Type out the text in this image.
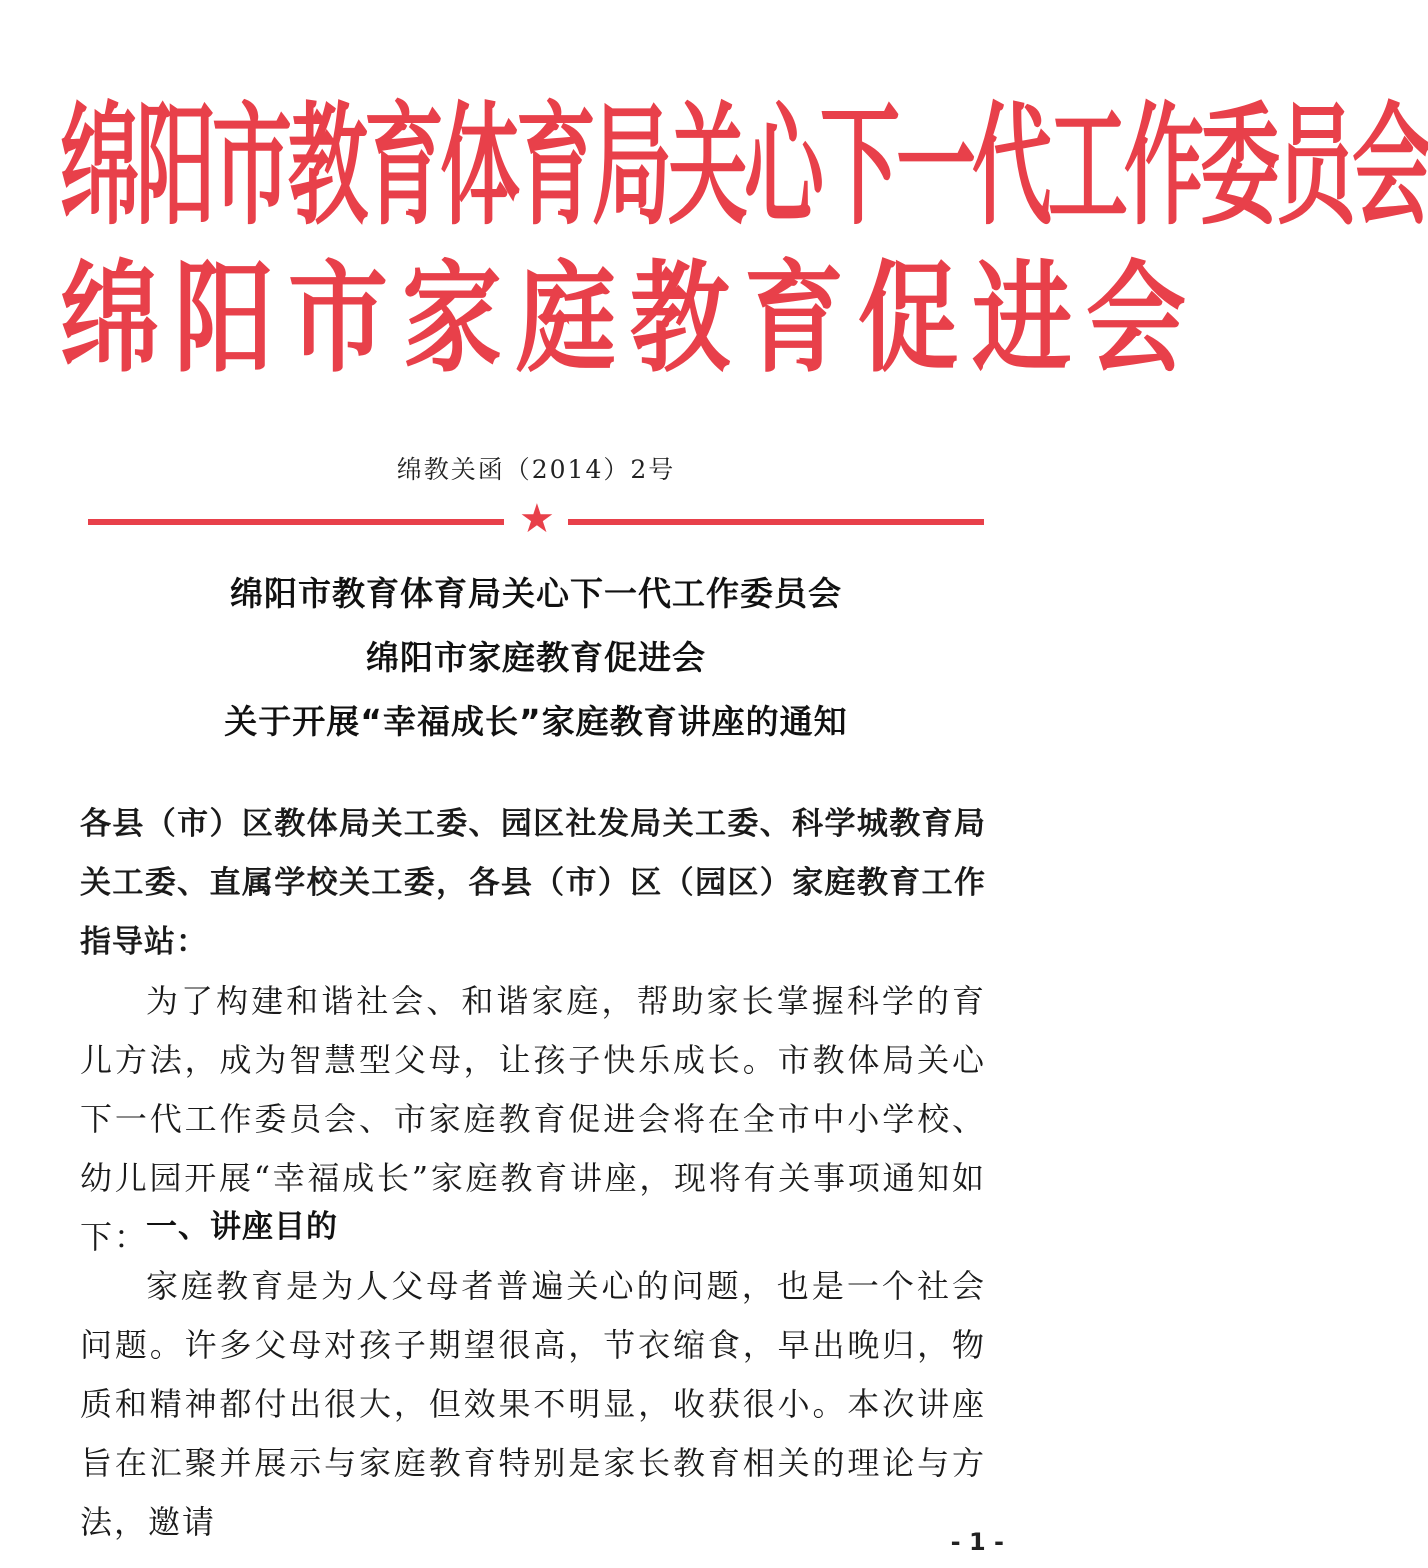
绵阳市教育体育局关心下一代工作委员会
绵阳市家庭教育促进会
绵教关函（2014）2号
★
绵阳市教育体育局关心下一代工作委员会
绵阳市家庭教育促进会
关于开展“幸福成长”家庭教育讲座的通知
各县（市）区教体局关工委、园区社发局关工委、科学城教育局关工委、直属学校关工委，各县（市）区（园区）家庭教育工作指导站：
为了构建和谐社会、和谐家庭，帮助家长掌握科学的育儿方法，成为智慧型父母，让孩子快乐成长。市教体局关心下一代工作委员会、市家庭教育促进会将在全市中小学校、幼儿园开展“幸福成长”家庭教育讲座，现将有关事项通知如下：
一、讲座目的
家庭教育是为人父母者普遍关心的问题，也是一个社会问题。许多父母对孩子期望很高，节衣缩食，早出晚归，物质和精神都付出很大，但效果不明显，收获很小。本次讲座旨在汇聚并展示与家庭教育特别是家长教育相关的理论与方法，邀请
- 1 -
